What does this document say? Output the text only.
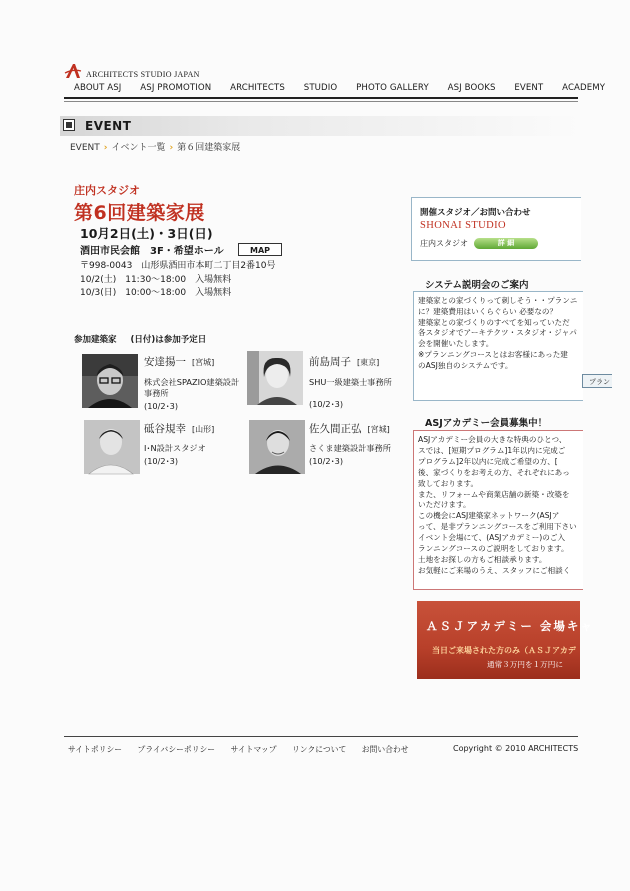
ARCHITECTS STUDIO JAPAN
ABOUT ASJ ASJ PROMOTION ARCHITECTS STUDIO PHOTO GALLERY ASJ BOOKS EVENT ACADEMY
EVENT
EVENT › イベント一覧 › 第６回建築家展
庄内スタジオ
第6回建築家展
10月2日(土)・3日(日)
酒田市民会館　3F・希望ホール	MAP
〒998-0043　山形県酒田市本町二丁目2番10号
10/2(土)　11:30～18:00　入場無料
10/3(日)　10:00～18:00　入場無料
参加建築家 (日付)は参加予定日
安達揚一 [宮城]
株式会社SPAZIO建築設計事務所
(10/2･3)
前島周子 [東京]
SHU一級建築士事務所
(10/2･3)
砥谷規幸 [山形]
I･N設計スタジオ
(10/2･3)
佐久間正弘 [宮城]
さくま建築設計事務所
(10/2･3)
開催スタジオ／お問い合わせ
SHONAI STUDIO
庄内スタジオ	詳 細
システム説明会のご案内
建築家との家づくりって刺しそう・・プランニ
に？建築費用はいくらぐらい 必要なの？
建築家との家づくりのすべてを知っていただ
各スタジオでアーキテクツ・スタジオ・ジャパ
会を開催いたします。
※プランニングコースとはお客様にあった建
のASJ独自のシステムです。
プラン
ASJアカデミー会員募集中！
ASJアカデミー会員の大きな特典のひとつ、
スでは、[短期プログラム]1年以内に完成ご
プログラム]2年以内に完成ご希望の方、[
後、家づくりをお考えの方、それぞれにあっ
致しております。
また、リフォームや商業店舗の新築・改築を
いただけます。
この機会にASJ建築家ネットワーク(ASJア
って、是非プランニングコースをご利用下さい
イベント会場にて、(ASJアカデミー)のご入
ランニングコースのご説明をしております。
土地をお探しの方もご相談承ります。
お気軽にご来場のうえ、スタッフにご相談く
ＡＳＪアカデミー 会場キャ
当日ご来場された方のみ（ＡＳＪアカデ
通常３万円を１万円に
サイトポリシー プライバシーポリシー サイトマップ リンクについて お問い合わせ	Copyright © 2010 ARCHITECTS
